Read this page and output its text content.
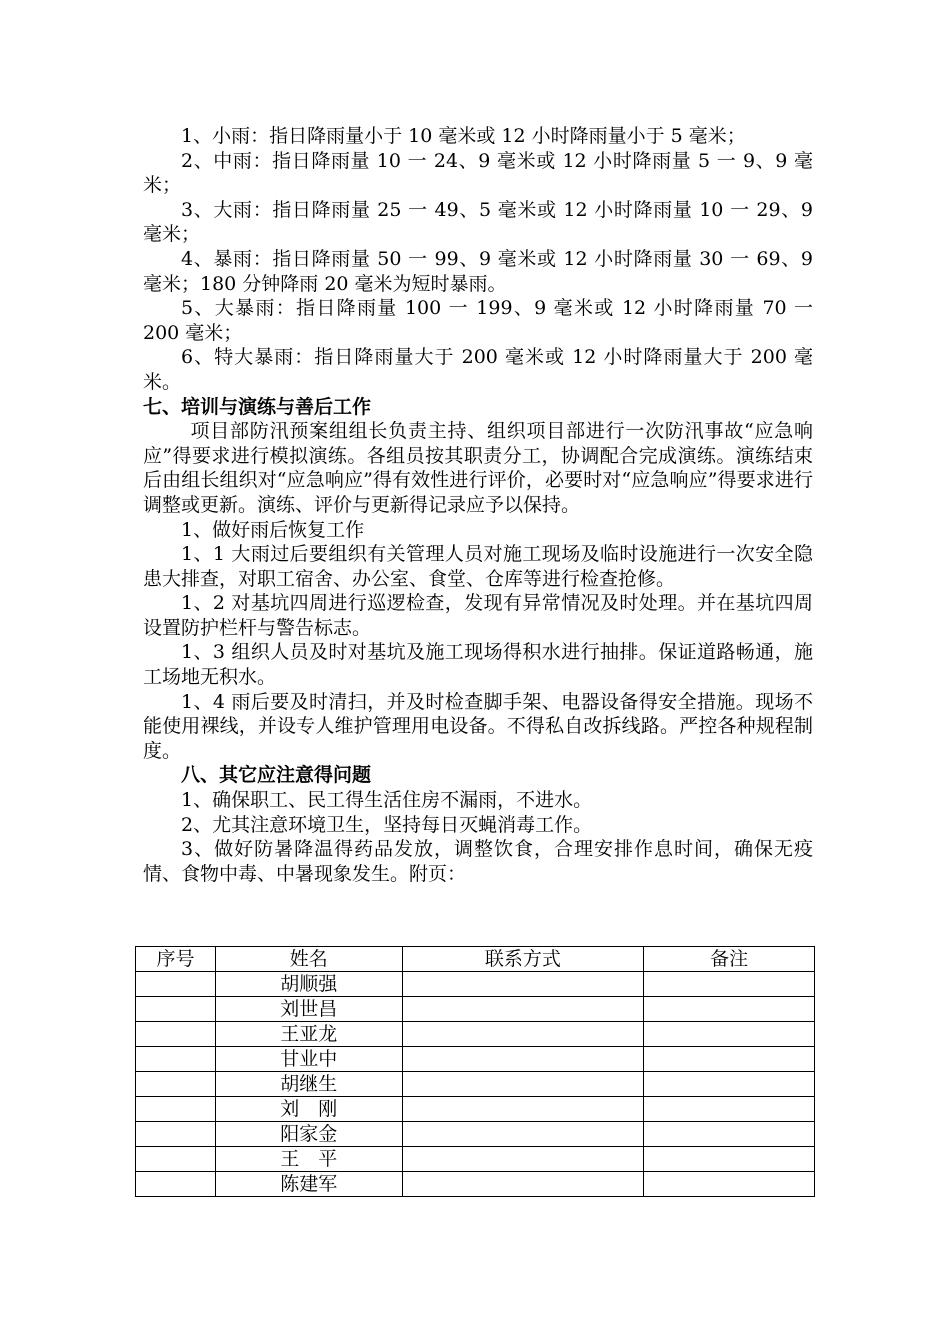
1、小雨：指日降雨量小于 10 毫米或 12 小时降雨量小于 5 毫米；

2、中雨：指日降雨量 10 一 24、9 毫米或 12 小时降雨量 5 一 9、9 毫米；

3、大雨：指日降雨量 25 一 49、5 毫米或 12 小时降雨量 10 一 29、9 毫米；

4、暴雨：指日降雨量 50 一 99、9 毫米或 12 小时降雨量 30 一 69、9 毫米；180 分钟降雨 20 毫米为短时暴雨。

5、大暴雨：指日降雨量 100 一 199、9 毫米或 12 小时降雨量 70 一 200 毫米；

6、特大暴雨：指日降雨量大于 200 毫米或 12 小时降雨量大于 200 毫米。

七、培训与演练与善后工作

项目部防汛预案组组长负责主持、组织项目部进行一次防汛事故“应急响应”得要求进行模拟演练。各组员按其职责分工，协调配合完成演练。演练结束后由组长组织对“应急响应”得有效性进行评价，必要时对“应急响应”得要求进行调整或更新。演练、评价与更新得记录应予以保持。

1、做好雨后恢复工作

1、1 大雨过后要组织有关管理人员对施工现场及临时设施进行一次安全隐患大排查，对职工宿舍、办公室、食堂、仓库等进行检查抢修。

1、2 对基坑四周进行巡逻检查，发现有异常情况及时处理。并在基坑四周设置防护栏杆与警告标志。

1、3 组织人员及时对基坑及施工现场得积水进行抽排。保证道路畅通，施工场地无积水。

1、4 雨后要及时清扫，并及时检查脚手架、电器设备得安全措施。现场不能使用裸线，并设专人维护管理用电设备。不得私自改拆线路。严控各种规程制度。

八、其它应注意得问题

1、确保职工、民工得生活住房不漏雨，不进水。

2、尤其注意环境卫生，坚持每日灭蝇消毒工作。

3、做好防暑降温得药品发放，调整饮食，合理安排作息时间，确保无疫情、食物中毒、中暑现象发生。附页：

序号	姓名	联系方式	备注
	胡顺强		
	刘世昌		
	王亚龙		
	甘业中		
	胡继生		
	刘　刚		
	阳家金		
	王　平		
	陈建军		
